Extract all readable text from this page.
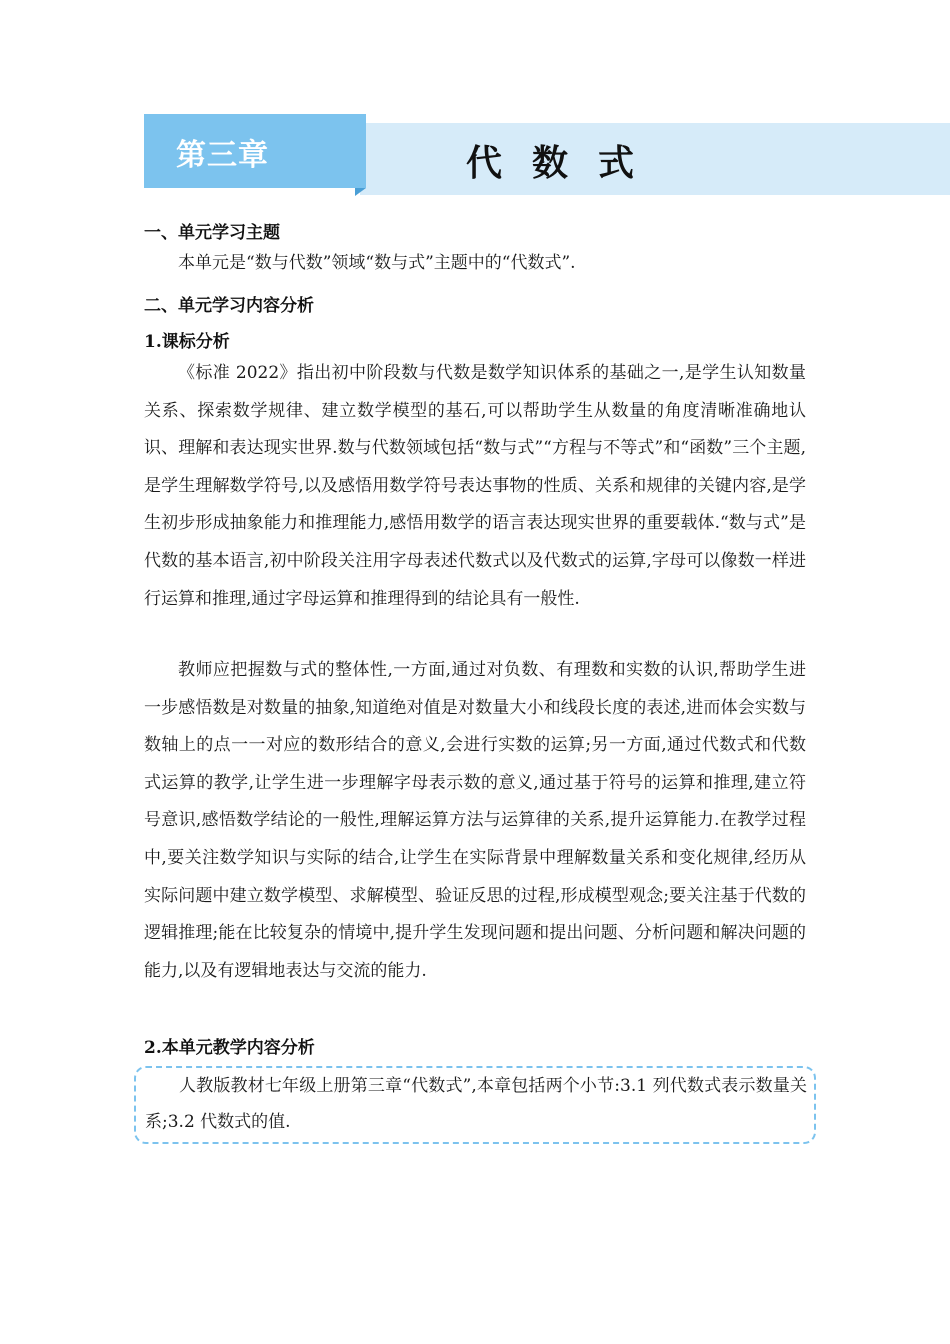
第三章	代数式
一、单元学习主题

本单元是“数与代数”领域“数与式”主题中的“代数式”.

二、单元学习内容分析
1.课标分析

《标准 2022》指出初中阶段数与代数是数学知识体系的基础之一,是学生认知数量关系、探索数学规律、建立数学模型的基石,可以帮助学生从数量的角度清晰准确地认识、理解和表达现实世界.数与代数领域包括“数与式”“方程与不等式”和“函数”三个主题,是学生理解数学符号,以及感悟用数学符号表达事物的性质、关系和规律的关键内容,是学生初步形成抽象能力和推理能力,感悟用数学的语言表达现实世界的重要载体.“数与式”是代数的基本语言,初中阶段关注用字母表述代数式以及代数式的运算,字母可以像数一样进行运算和推理,通过字母运算和推理得到的结论具有一般性.

教师应把握数与式的整体性,一方面,通过对负数、有理数和实数的认识,帮助学生进一步感悟数是对数量的抽象,知道绝对值是对数量大小和线段长度的表述,进而体会实数与数轴上的点一一对应的数形结合的意义,会进行实数的运算;另一方面,通过代数式和代数式运算的教学,让学生进一步理解字母表示数的意义,通过基于符号的运算和推理,建立符号意识,感悟数学结论的一般性,理解运算方法与运算律的关系,提升运算能力.在教学过程中,要关注数学知识与实际的结合,让学生在实际背景中理解数量关系和变化规律,经历从实际问题中建立数学模型、求解模型、验证反思的过程,形成模型观念;要关注基于代数的逻辑推理;能在比较复杂的情境中,提升学生发现问题和提出问题、分析问题和解决问题的能力,以及有逻辑地表达与交流的能力.

2.本单元教学内容分析

人教版教材七年级上册第三章“代数式”,本章包括两个小节:3.1 列代数式表示数量关系;3.2 代数式的值.
